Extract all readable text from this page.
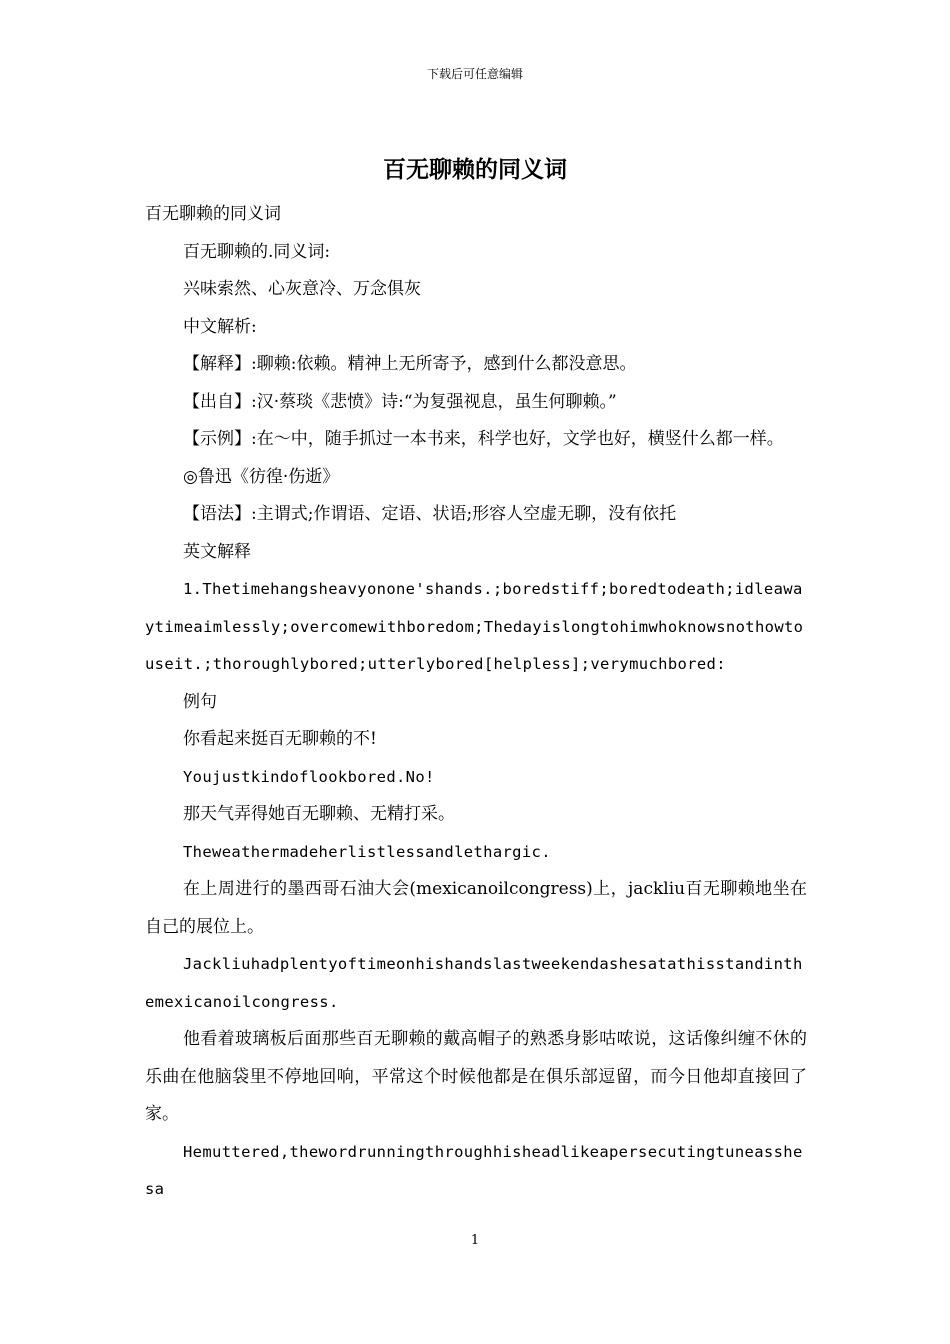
下载后可任意编辑
百无聊赖的同义词

百无聊赖的同义词

百无聊赖的.同义词:

兴味索然、心灰意冷、万念俱灰

中文解析:

【解释】:聊赖:依赖。精神上无所寄予，感到什么都没意思。

【出自】:汉·蔡琰《悲愤》诗:“为复强视息，虽生何聊赖。”

【示例】:在～中，随手抓过一本书来，科学也好，文学也好，横竖什么都一样。

◎鲁迅《彷徨·伤逝》

【语法】:主谓式;作谓语、定语、状语;形容人空虚无聊，没有依托

英文解释

1.Thetimehangsheavyonone'shands.;boredstiff;boredtodeath;idleawaytimeaimlessly;overcomewithboredom;Thedayislongtohimwhoknowsnothowtouseit.;thoroughlybored;utterlybored[helpless];verymuchbored:

例句

你看起来挺百无聊赖的不!

Youjustkindoflookbored.No!

那天气弄得她百无聊赖、无精打采。

Theweathermadeherlistlessandlethargic.

在上周进行的墨西哥石油大会(mexicanoilcongress)上，jackliu百无聊赖地坐在自己的展位上。

Jackliuhadplentyoftimeonhishandslastweekendashesatathisstandinthemexicanoilcongress.

他看着玻璃板后面那些百无聊赖的戴高帽子的熟悉身影咕哝说，这话像纠缠不休的乐曲在他脑袋里不停地回响，平常这个时候他都是在俱乐部逗留，而今日他却直接回了家。

Hemuttered,thewordrunningthroughhisheadlikeapersecutingtuneasshesa

1
